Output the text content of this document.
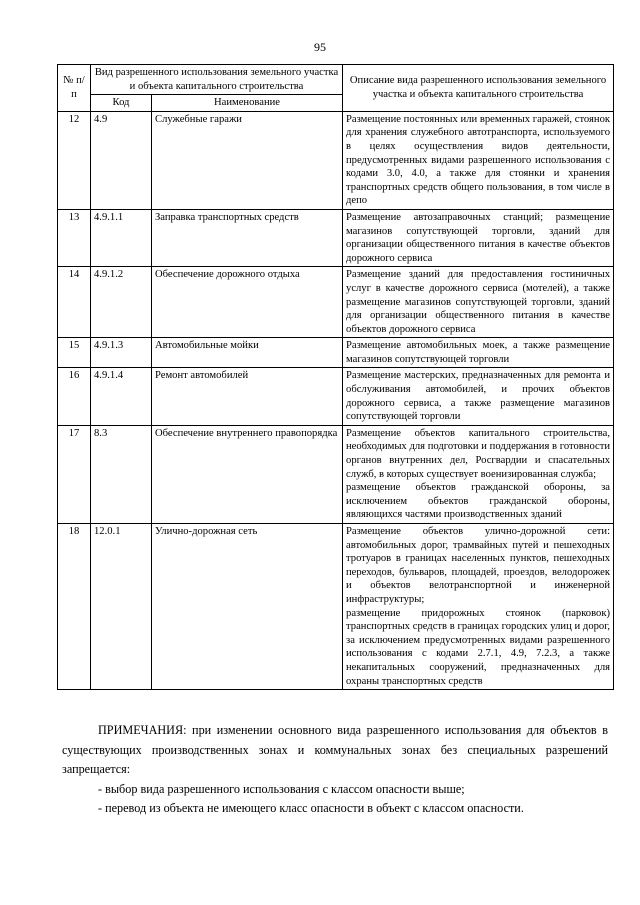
95
№ п/п	Вид разрешенного использования земельного участка и объекта капитального строительства		Описание вида разрешенного использования земельного участка и объекта капитального строительства
	Код	Наименование	
12	4.9	Служебные гаражи	Размещение постоянных или временных гаражей, стоянок для хранения служебного автотранспорта, используемого в целях осуществления видов деятельности, предусмотренных видами разрешенного использования с кодами 3.0, 4.0, а также для стоянки и хранения транспортных средств общего пользования, в том числе в депо

13	4.9.1.1	Заправка транспортных средств	Размещение автозаправочных станций; размещение магазинов сопутствующей торговли, зданий для организации общественного питания в качестве объектов дорожного сервиса

14	4.9.1.2	Обеспечение дорожного отдыха	Размещение зданий для предоставления гостиничных услуг в качестве дорожного сервиса (мотелей), а также размещение магазинов сопутствующей торговли, зданий для организации общественного питания в качестве объектов дорожного сервиса

15	4.9.1.3	Автомобильные мойки	Размещение автомобильных моек, а также размещение магазинов сопутствующей торговли

16	4.9.1.4	Ремонт автомобилей	Размещение мастерских, предназначенных для ремонта и обслуживания автомобилей, и прочих объектов дорожного сервиса, а также размещение магазинов сопутствующей торговли

17	8.3	Обеспечение внутреннего правопорядка	Размещение объектов капитального строительства, необходимых для подготовки и поддержания в готовности органов внутренних дел, Росгвардии и спасательных служб, в которых существует военизированная служба;
размещение объектов гражданской обороны, за исключением объектов гражданской обороны, являющихся частями производственных зданий

18	12.0.1	Улично-дорожная сеть	Размещение объектов улично-дорожной сети: автомобильных дорог, трамвайных путей и пешеходных тротуаров в границах населенных пунктов, пешеходных переходов, бульваров, площадей, проездов, велодорожек и объектов велотранспортной и инженерной инфраструктуры;
размещение придорожных стоянок (парковок) транспортных средств в границах городских улиц и дорог, за исключением предусмотренных видами разрешенного использования с кодами 2.7.1, 4.9, 7.2.3, а также некапитальных сооружений, предназначенных для охраны транспортных средств

ПРИМЕЧАНИЯ: при изменении основного вида разрешенного использования для объектов в существующих производственных зонах и коммунальных зонах без специальных разрешений запрещается:

- выбор вида разрешенного использования с классом опасности выше;

- перевод из объекта не имеющего класс опасности в объект с классом опасности.
